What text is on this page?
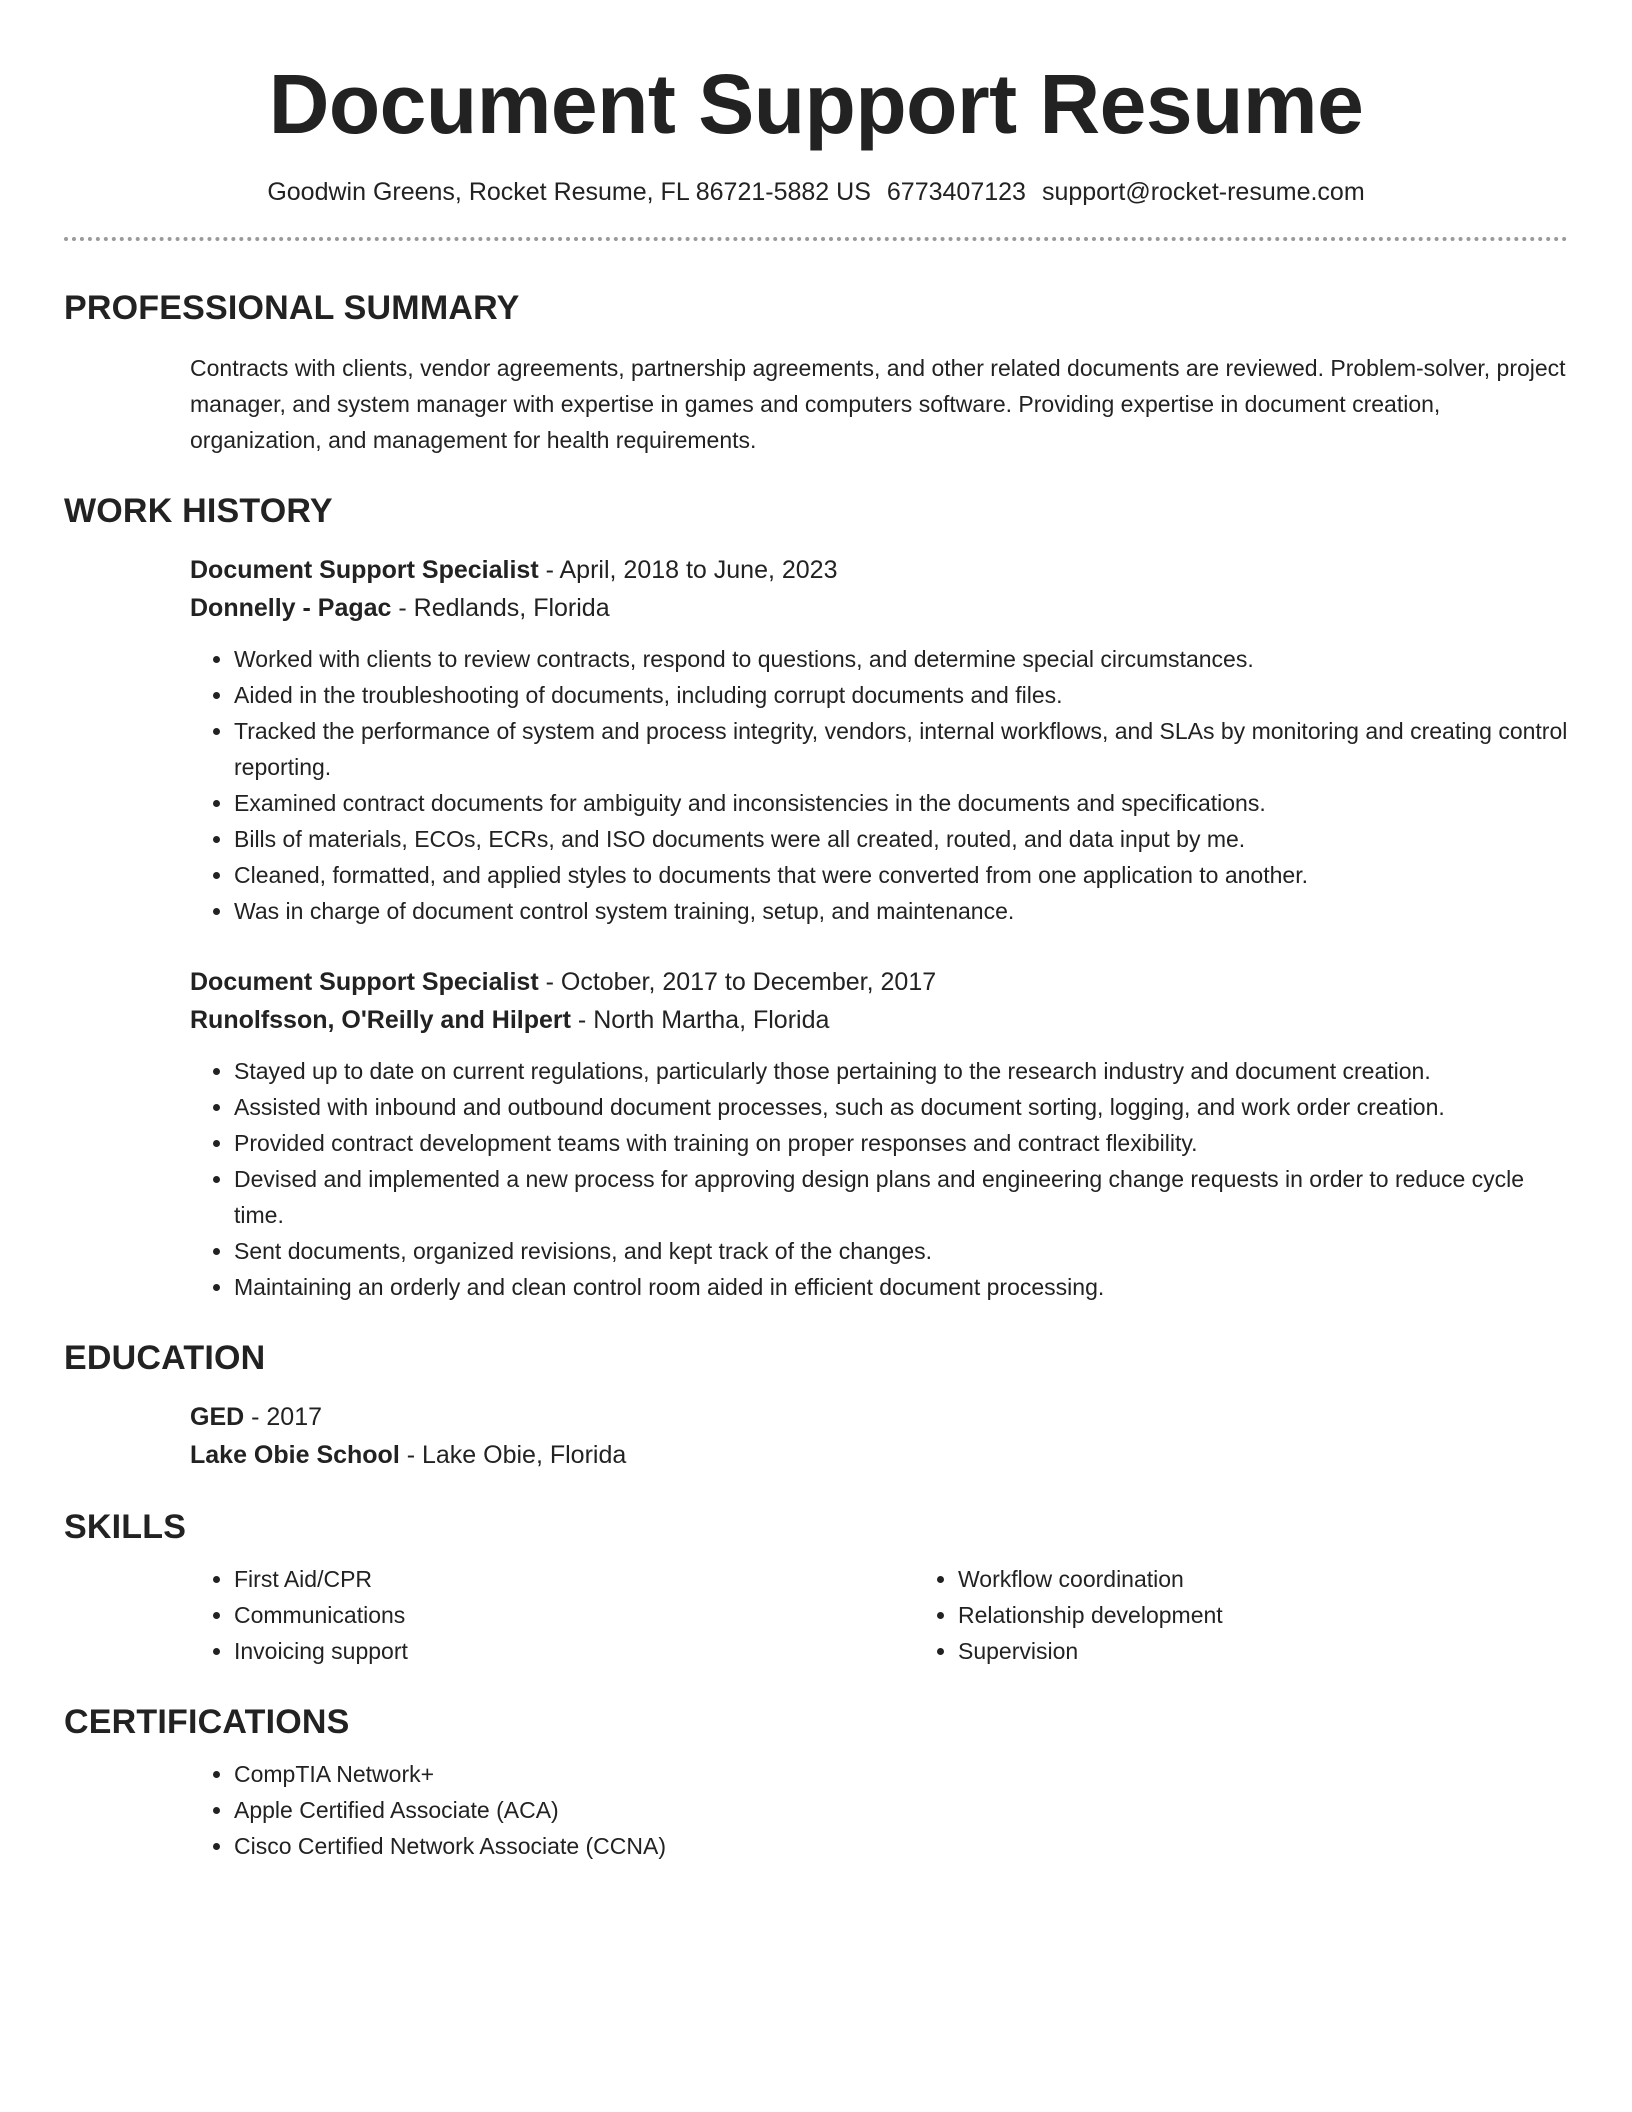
Document Support Resume
Goodwin Greens, Rocket Resume, FL 86721-5882 US 6773407123 support@rocket-resume.com
PROFESSIONAL SUMMARY
Contracts with clients, vendor agreements, partnership agreements, and other related documents are reviewed. Problem-solver, project manager, and system manager with expertise in games and computers software. Providing expertise in document creation, organization, and management for health requirements.
WORK HISTORY
Document Support Specialist - April, 2018 to June, 2023
Donnelly - Pagac - Redlands, Florida
• Worked with clients to review contracts, respond to questions, and determine special circumstances.
• Aided in the troubleshooting of documents, including corrupt documents and files.
• Tracked the performance of system and process integrity, vendors, internal workflows, and SLAs by monitoring and creating control reporting.
• Examined contract documents for ambiguity and inconsistencies in the documents and specifications.
• Bills of materials, ECOs, ECRs, and ISO documents were all created, routed, and data input by me.
• Cleaned, formatted, and applied styles to documents that were converted from one application to another.
• Was in charge of document control system training, setup, and maintenance.
Document Support Specialist - October, 2017 to December, 2017
Runolfsson, O'Reilly and Hilpert - North Martha, Florida
• Stayed up to date on current regulations, particularly those pertaining to the research industry and document creation.
• Assisted with inbound and outbound document processes, such as document sorting, logging, and work order creation.
• Provided contract development teams with training on proper responses and contract flexibility.
• Devised and implemented a new process for approving design plans and engineering change requests in order to reduce cycle time.
• Sent documents, organized revisions, and kept track of the changes.
• Maintaining an orderly and clean control room aided in efficient document processing.
EDUCATION
GED - 2017
Lake Obie School - Lake Obie, Florida
SKILLS
• First Aid/CPR
• Communications
• Invoicing support
• Workflow coordination
• Relationship development
• Supervision
CERTIFICATIONS
• CompTIA Network+
• Apple Certified Associate (ACA)
• Cisco Certified Network Associate (CCNA)
